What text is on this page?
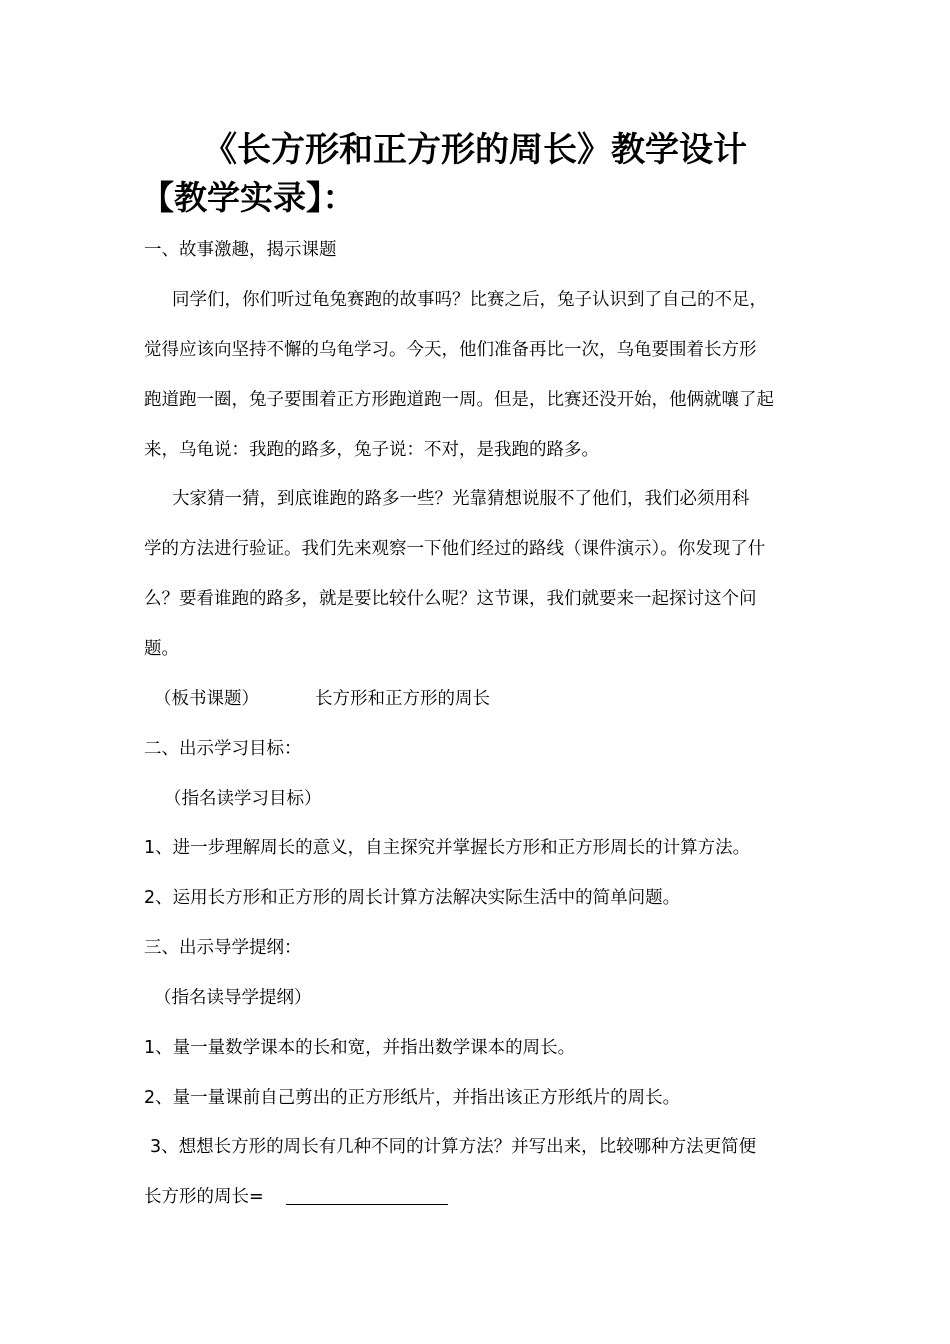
《长方形和正方形的周长》教学设计
【教学实录】：
一、故事激趣，揭示课题
同学们，你们听过龟兔赛跑的故事吗？比赛之后，兔子认识到了自己的不足，
觉得应该向坚持不懈的乌龟学习。今天，他们准备再比一次，乌龟要围着长方形
跑道跑一圈，兔子要围着正方形跑道跑一周。但是，比赛还没开始，他俩就嚷了起
来，乌龟说：我跑的路多，兔子说：不对，是我跑的路多。
大家猜一猜，到底谁跑的路多一些？光靠猜想说服不了他们，我们必须用科
学的方法进行验证。我们先来观察一下他们经过的路线（课件演示）。你发现了什
么？要看谁跑的路多，就是要比较什么呢？这节课，我们就要来一起探讨这个问
题。
（板书课题）	长方形和正方形的周长
二、出示学习目标：
（指名读学习目标）
1、进一步理解周长的意义，自主探究并掌握长方形和正方形周长的计算方法。
2、运用长方形和正方形的周长计算方法解决实际生活中的简单问题。
三、出示导学提纲：
（指名读导学提纲）
1、量一量数学课本的长和宽，并指出数学课本的周长。
2、量一量课前自己剪出的正方形纸片，并指出该正方形纸片的周长。
3、想想长方形的周长有几种不同的计算方法？并写出来，比较哪种方法更简便
长方形的周长=
